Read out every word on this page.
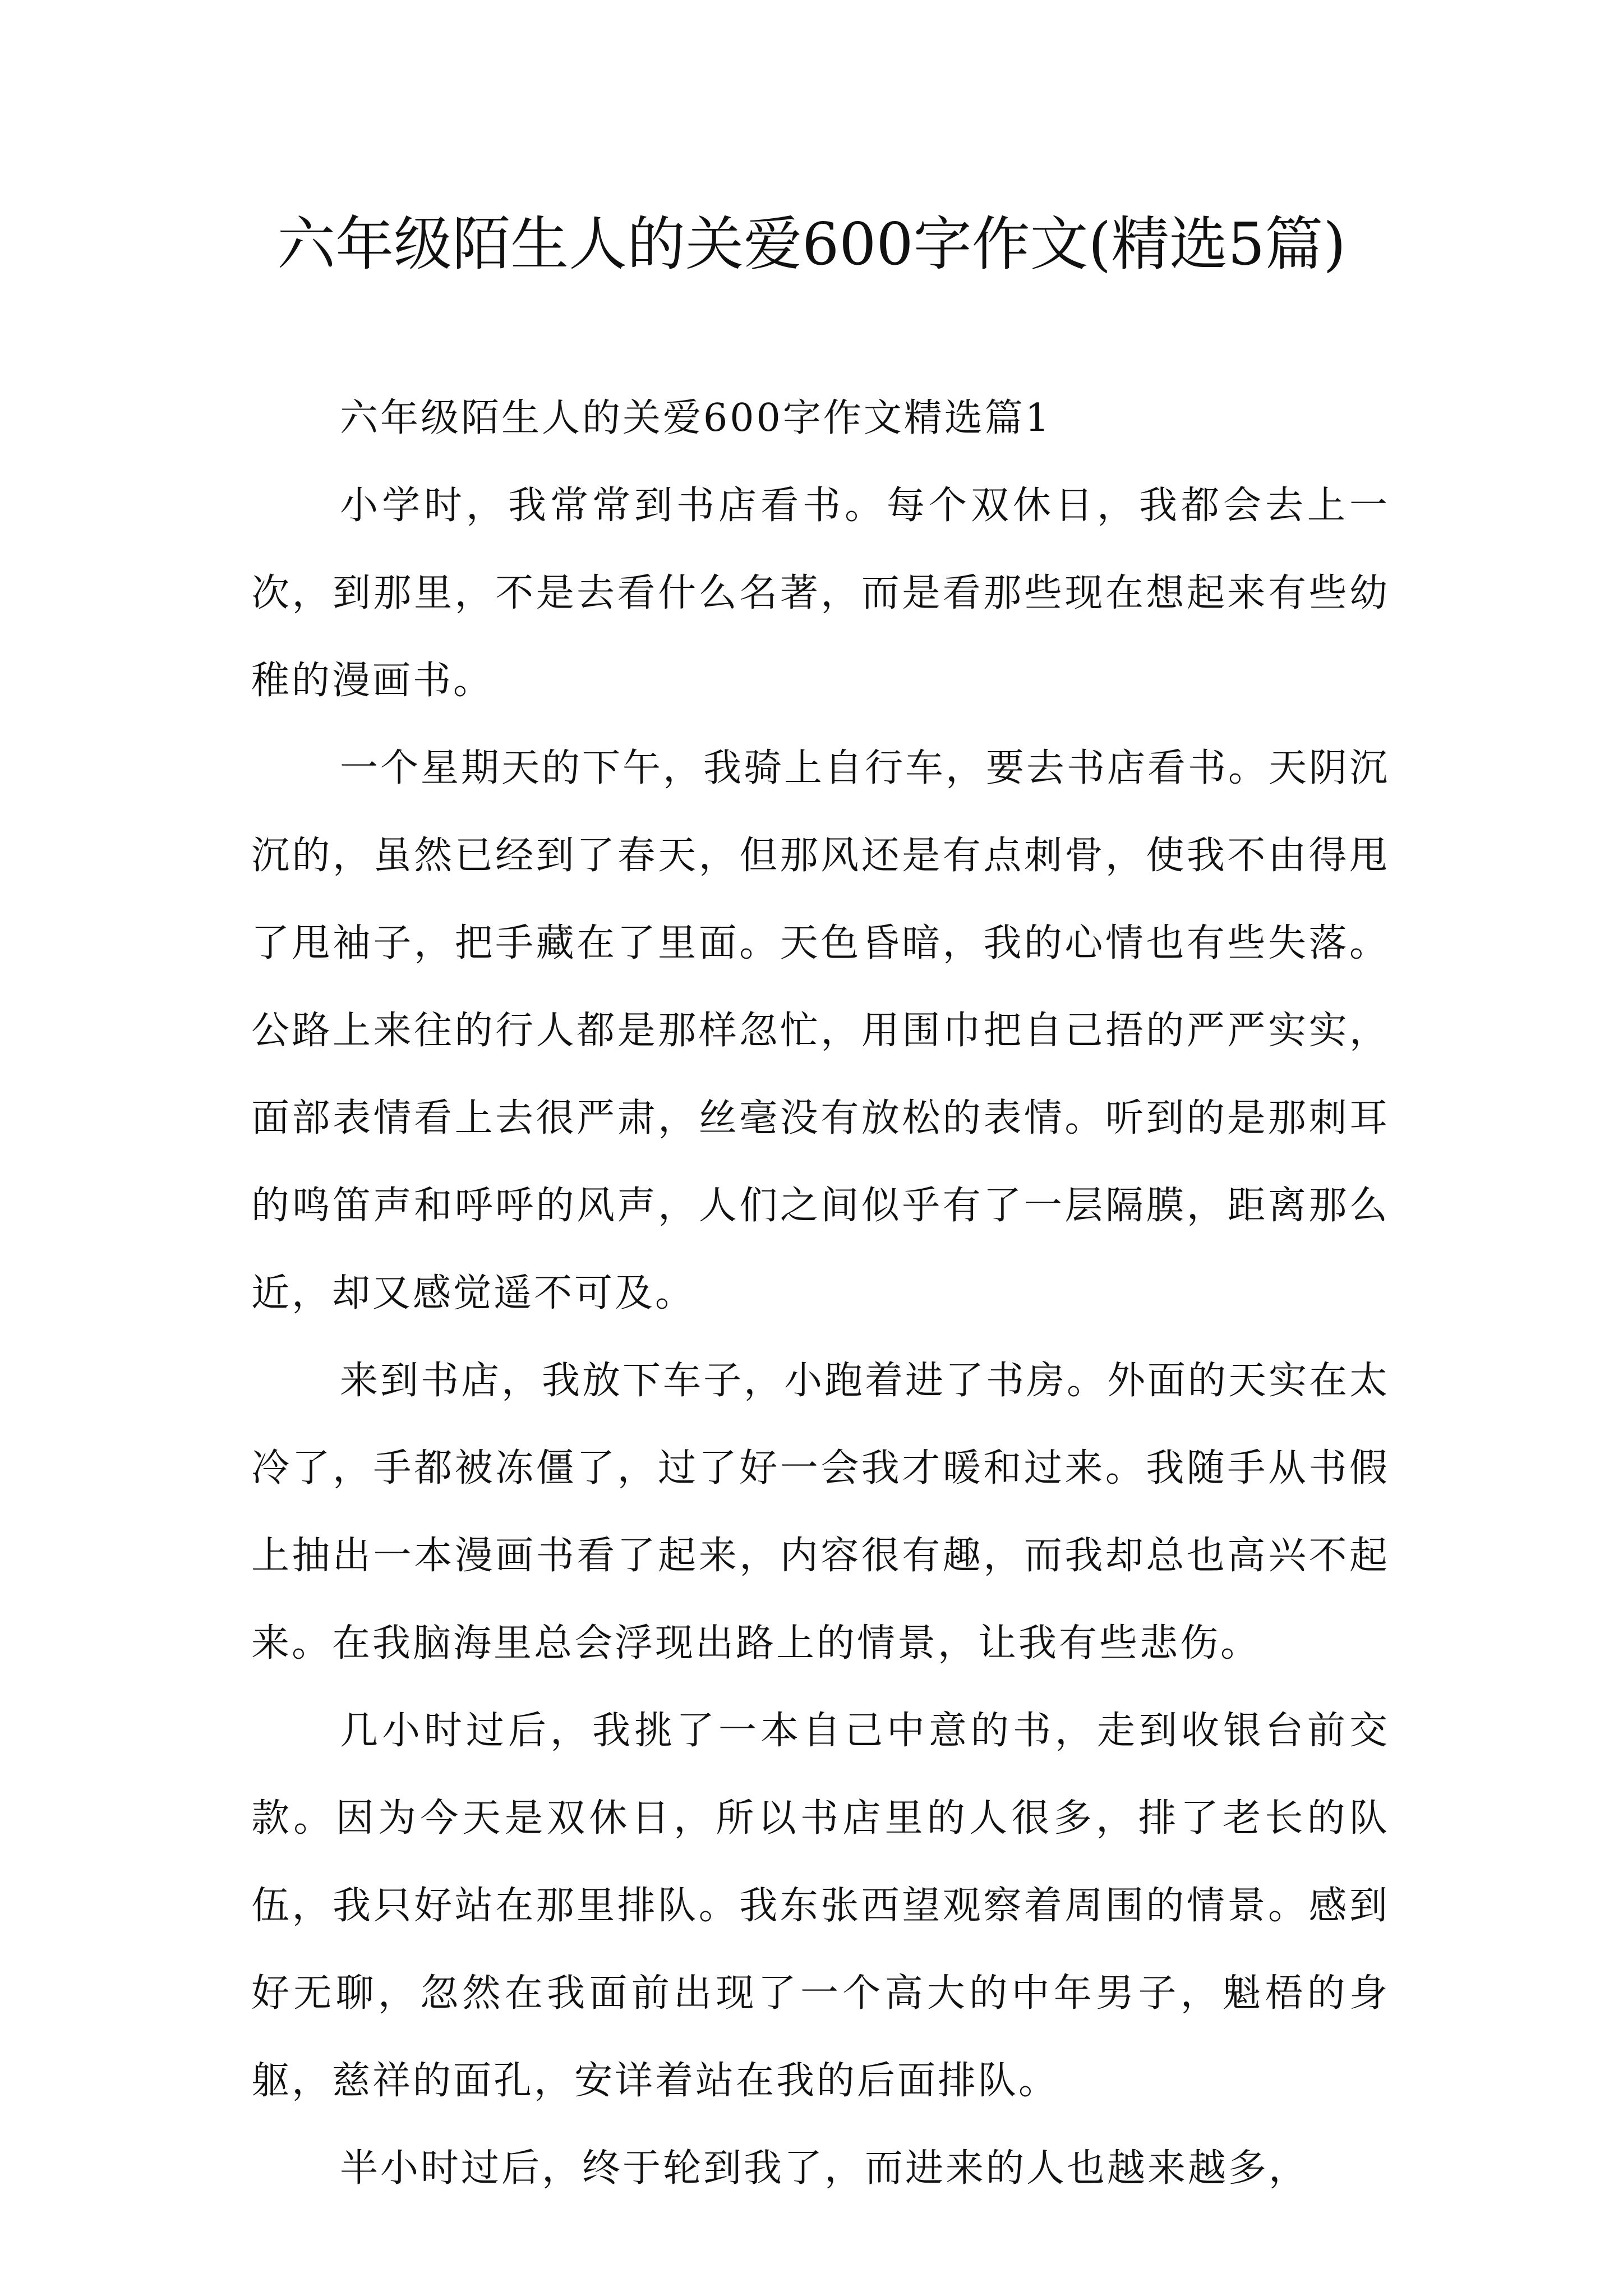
六年级陌生人的关爱600字作文(精选5篇)

六年级陌生人的关爱600字作文精选篇1

小学时，我常常到书店看书。每个双休日，我都会去上一次，到那里，不是去看什么名著，而是看那些现在想起来有些幼稚的漫画书。

一个星期天的下午，我骑上自行车，要去书店看书。天阴沉沉的，虽然已经到了春天，但那风还是有点刺骨，使我不由得甩了甩袖子，把手藏在了里面。天色昏暗，我的心情也有些失落。公路上来往的行人都是那样忽忙，用围巾把自己捂的严严实实，面部表情看上去很严肃，丝毫没有放松的表情。听到的是那刺耳的鸣笛声和呼呼的风声，人们之间似乎有了一层隔膜，距离那么近，却又感觉遥不可及。

来到书店，我放下车子，小跑着进了书房。外面的天实在太冷了，手都被冻僵了，过了好一会我才暖和过来。我随手从书假上抽出一本漫画书看了起来，内容很有趣，而我却总也高兴不起来。在我脑海里总会浮现出路上的情景，让我有些悲伤。

几小时过后，我挑了一本自己中意的书，走到收银台前交款。因为今天是双休日，所以书店里的人很多，排了老长的队伍，我只好站在那里排队。我东张西望观察着周围的情景。感到好无聊，忽然在我面前出现了一个高大的中年男子，魁梧的身躯，慈祥的面孔，安详着站在我的后面排队。

半小时过后，终于轮到我了，而进来的人也越来越多，
